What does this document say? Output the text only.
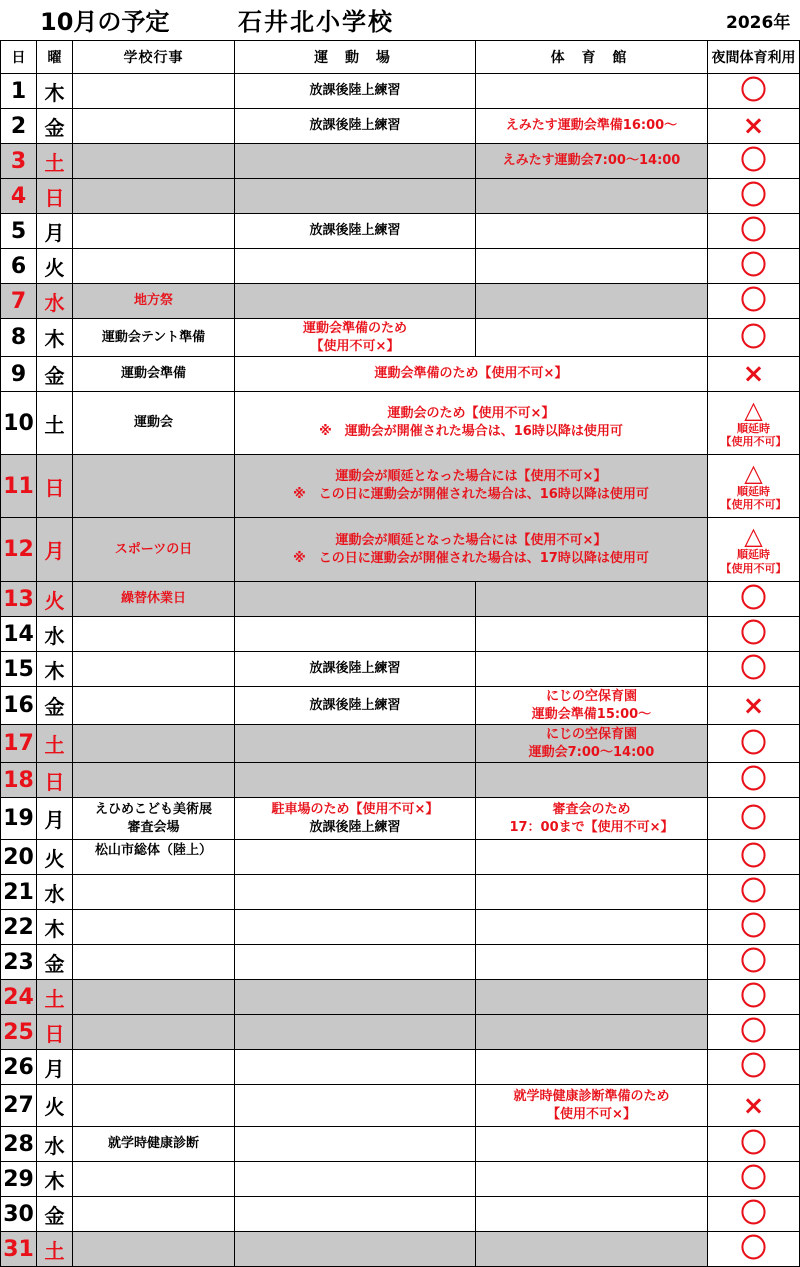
10月の予定	石井北小学校	2026年
日	曜	学校行事	運 動 場	体 育 館	夜間体育利用
1	木		放課後陸上練習		〇

2	金		放課後陸上練習	えみたす運動会準備16:00～	×

3	土			えみたす運動会7:00～14:00	〇

4	日				〇

5	月		放課後陸上練習		〇

6	火				〇

7	水	地方祭			〇

8	木	運動会テント準備	運動会準備のため
【使用不可×】		〇

9	金	運動会準備	運動会準備のため【使用不可×】		×

10	土	運動会	運動会のため【使用不可×】
※　運動会が開催された場合は、16時以降は使用可		△
順延時
【使用不可】

11	日		運動会が順延となった場合には【使用不可×】
※　この日に運動会が開催された場合は、16時以降は使用可		△
順延時
【使用不可】

12	月	スポーツの日	運動会が順延となった場合には【使用不可×】
※　この日に運動会が開催された場合は、17時以降は使用可		△
順延時
【使用不可】

13	火	繰替休業日			〇

14	水				〇

15	木		放課後陸上練習		〇

16	金		放課後陸上練習	にじの空保育園
運動会準備15:00～	×

17	土			にじの空保育園
運動会7:00～14:00	〇

18	日				〇

19	月	えひめこども美術展
審査会場	駐車場のため【使用不可×】
放課後陸上練習	審査会のため
17：00まで【使用不可×】	〇

20	火	松山市総体（陸上）			〇

21	水				〇

22	木				〇

23	金				〇

24	土				〇

25	日				〇

26	月				〇

27	火			就学時健康診断準備のため
【使用不可×】	×

28	水	就学時健康診断			〇

29	木				〇

30	金				〇

31	土				〇
